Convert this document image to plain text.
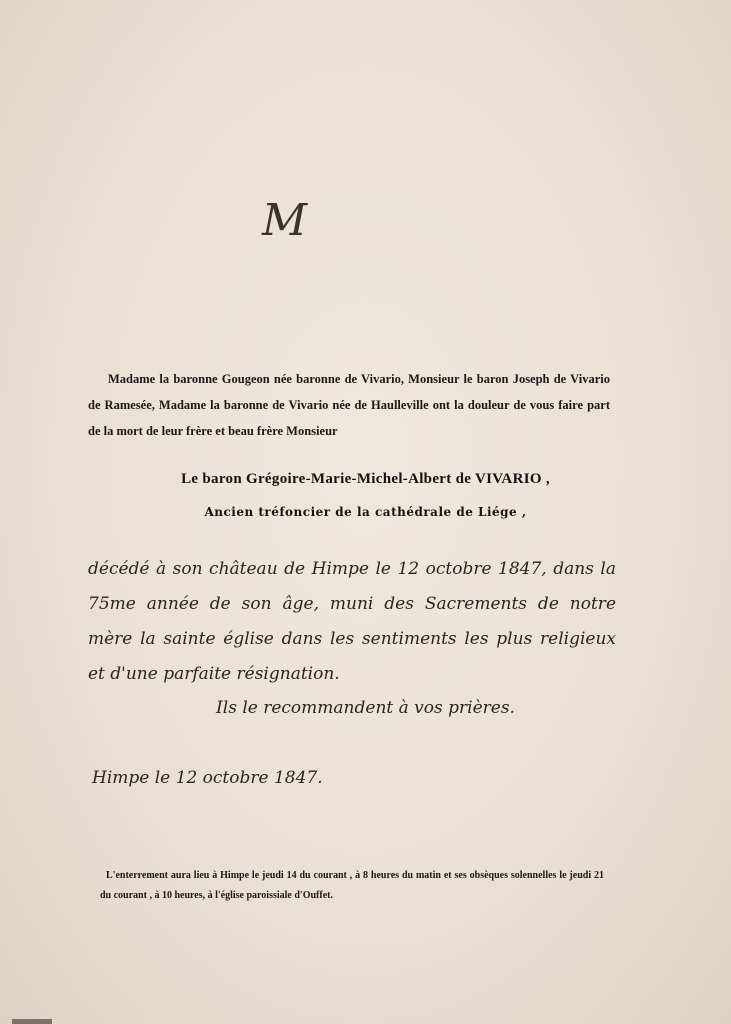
M
Madame la baronne Gougeon née baronne de Vivario, Monsieur le baron Joseph de Vivario de Ramesée, Madame la baronne de Vivario née de Haulleville ont la douleur de vous faire part de la mort de leur frère et beau frère Monsieur
Le baron Grégoire-Marie-Michel-Albert de VIVARIO ,
Ancien tréfoncier de la cathédrale de Liége ,
décédé à son château de Himpe le 12 octobre 1847, dans la 75me année de son âge, muni des Sacrements de notre mère la sainte église dans les sentiments les plus religieux et d'une parfaite résignation.
Ils le recommandent à vos prières.
Himpe le 12 octobre 1847.
L'enterrement aura lieu à Himpe le jeudi 14 du courant , à 8 heures du matin et ses obsèques solennelles le jeudi 21 du courant , à 10 heures, à l'église paroissiale d'Ouffet.
